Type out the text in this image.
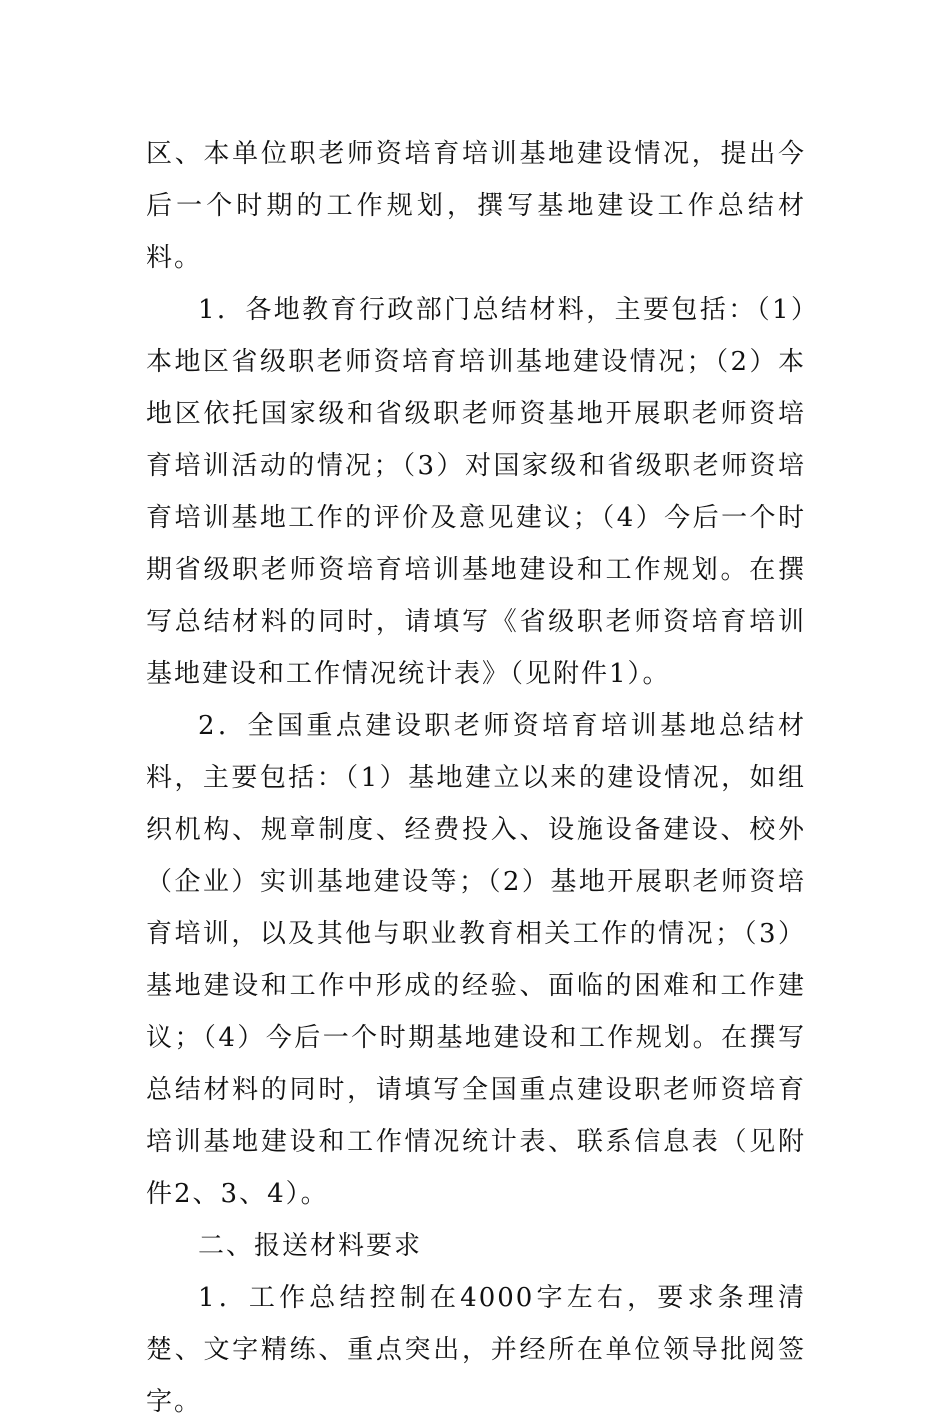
区、本单位职老师资培育培训基地建设情况，提出今后一个时期的工作规划，撰写基地建设工作总结材料。

1．各地教育行政部门总结材料，主要包括：（1）本地区省级职老师资培育培训基地建设情况；（2）本地区依托国家级和省级职老师资基地开展职老师资培育培训活动的情况；（3）对国家级和省级职老师资培育培训基地工作的评价及意见建议；（4）今后一个时期省级职老师资培育培训基地建设和工作规划。在撰写总结材料的同时，请填写《省级职老师资培育培训基地建设和工作情况统计表》（见附件1）。

2．全国重点建设职老师资培育培训基地总结材料，主要包括：（1）基地建立以来的建设情况，如组织机构、规章制度、经费投入、设施设备建设、校外（企业）实训基地建设等；（2）基地开展职老师资培育培训，以及其他与职业教育相关工作的情况；（3）基地建设和工作中形成的经验、面临的困难和工作建议；（4）今后一个时期基地建设和工作规划。在撰写总结材料的同时，请填写全国重点建设职老师资培育培训基地建设和工作情况统计表、联系信息表（见附件2、3、4）。

二、报送材料要求

1．工作总结控制在4000字左右，要求条理清楚、文字精练、重点突出，并经所在单位领导批阅签字。
